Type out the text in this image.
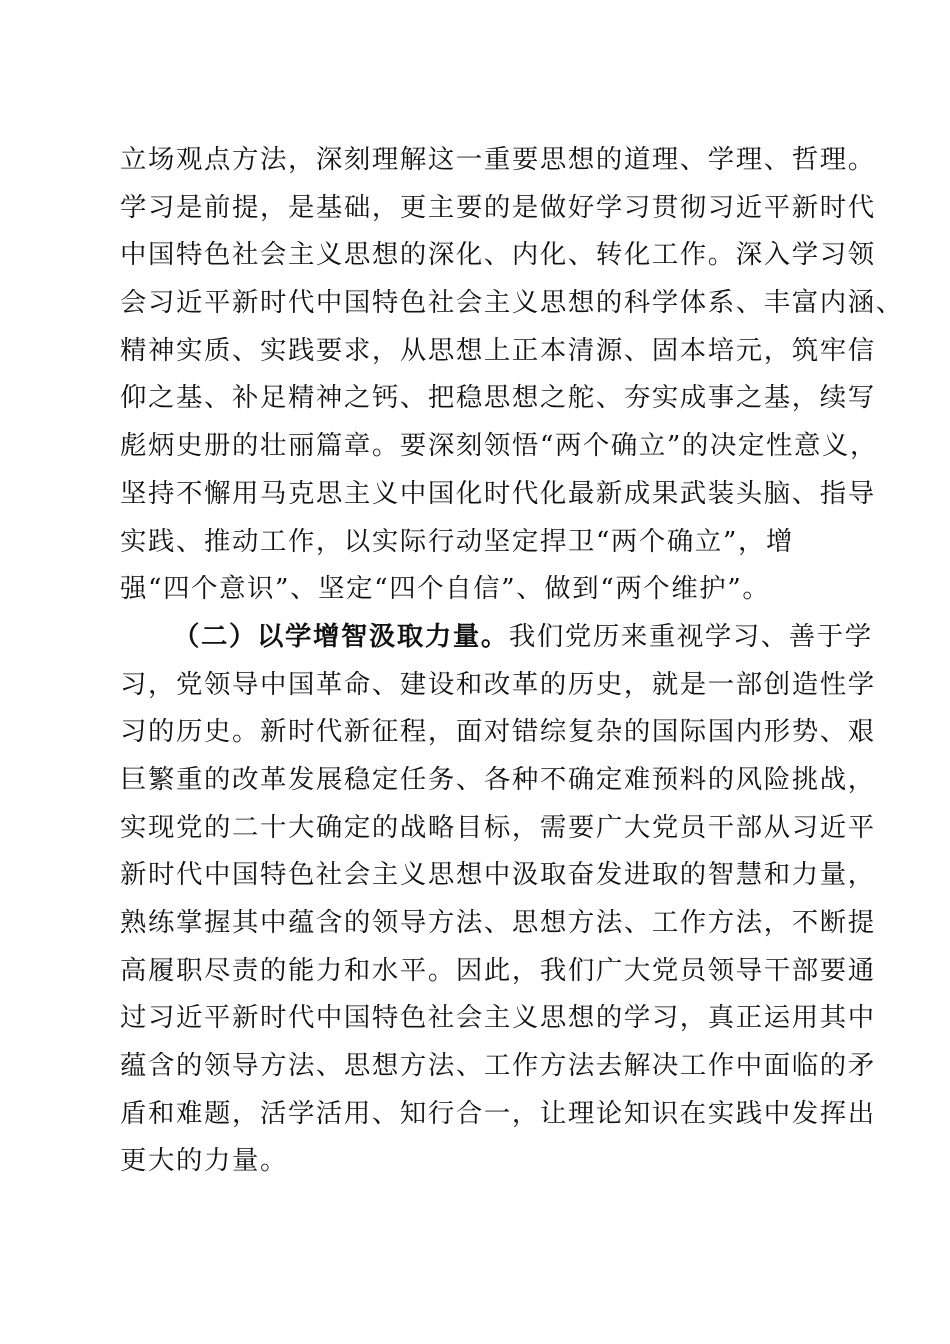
立场观点方法，深刻理解这一重要思想的道理、学理、哲理。
学习是前提，是基础，更主要的是做好学习贯彻习近平新时代
中国特色社会主义思想的深化、内化、转化工作。深入学习领
会习近平新时代中国特色社会主义思想的科学体系、丰富内涵、
精神实质、实践要求，从思想上正本清源、固本培元，筑牢信
仰之基、补足精神之钙、把稳思想之舵、夯实成事之基，续写
彪炳史册的壮丽篇章。要深刻领悟“两个确立”的决定性意义，
坚持不懈用马克思主义中国化时代化最新成果武装头脑、指导
实践、推动工作，以实际行动坚定捍卫“两个确立”，增
强“四个意识”、坚定“四个自信”、做到“两个维护”。
（二）以学增智汲取力量。我们党历来重视学习、善于学
习，党领导中国革命、建设和改革的历史，就是一部创造性学
习的历史。新时代新征程，面对错综复杂的国际国内形势、艰
巨繁重的改革发展稳定任务、各种不确定难预料的风险挑战，
实现党的二十大确定的战略目标，需要广大党员干部从习近平
新时代中国特色社会主义思想中汲取奋发进取的智慧和力量，
熟练掌握其中蕴含的领导方法、思想方法、工作方法，不断提
高履职尽责的能力和水平。因此，我们广大党员领导干部要通
过习近平新时代中国特色社会主义思想的学习，真正运用其中
蕴含的领导方法、思想方法、工作方法去解决工作中面临的矛
盾和难题，活学活用、知行合一，让理论知识在实践中发挥出
更大的力量。
